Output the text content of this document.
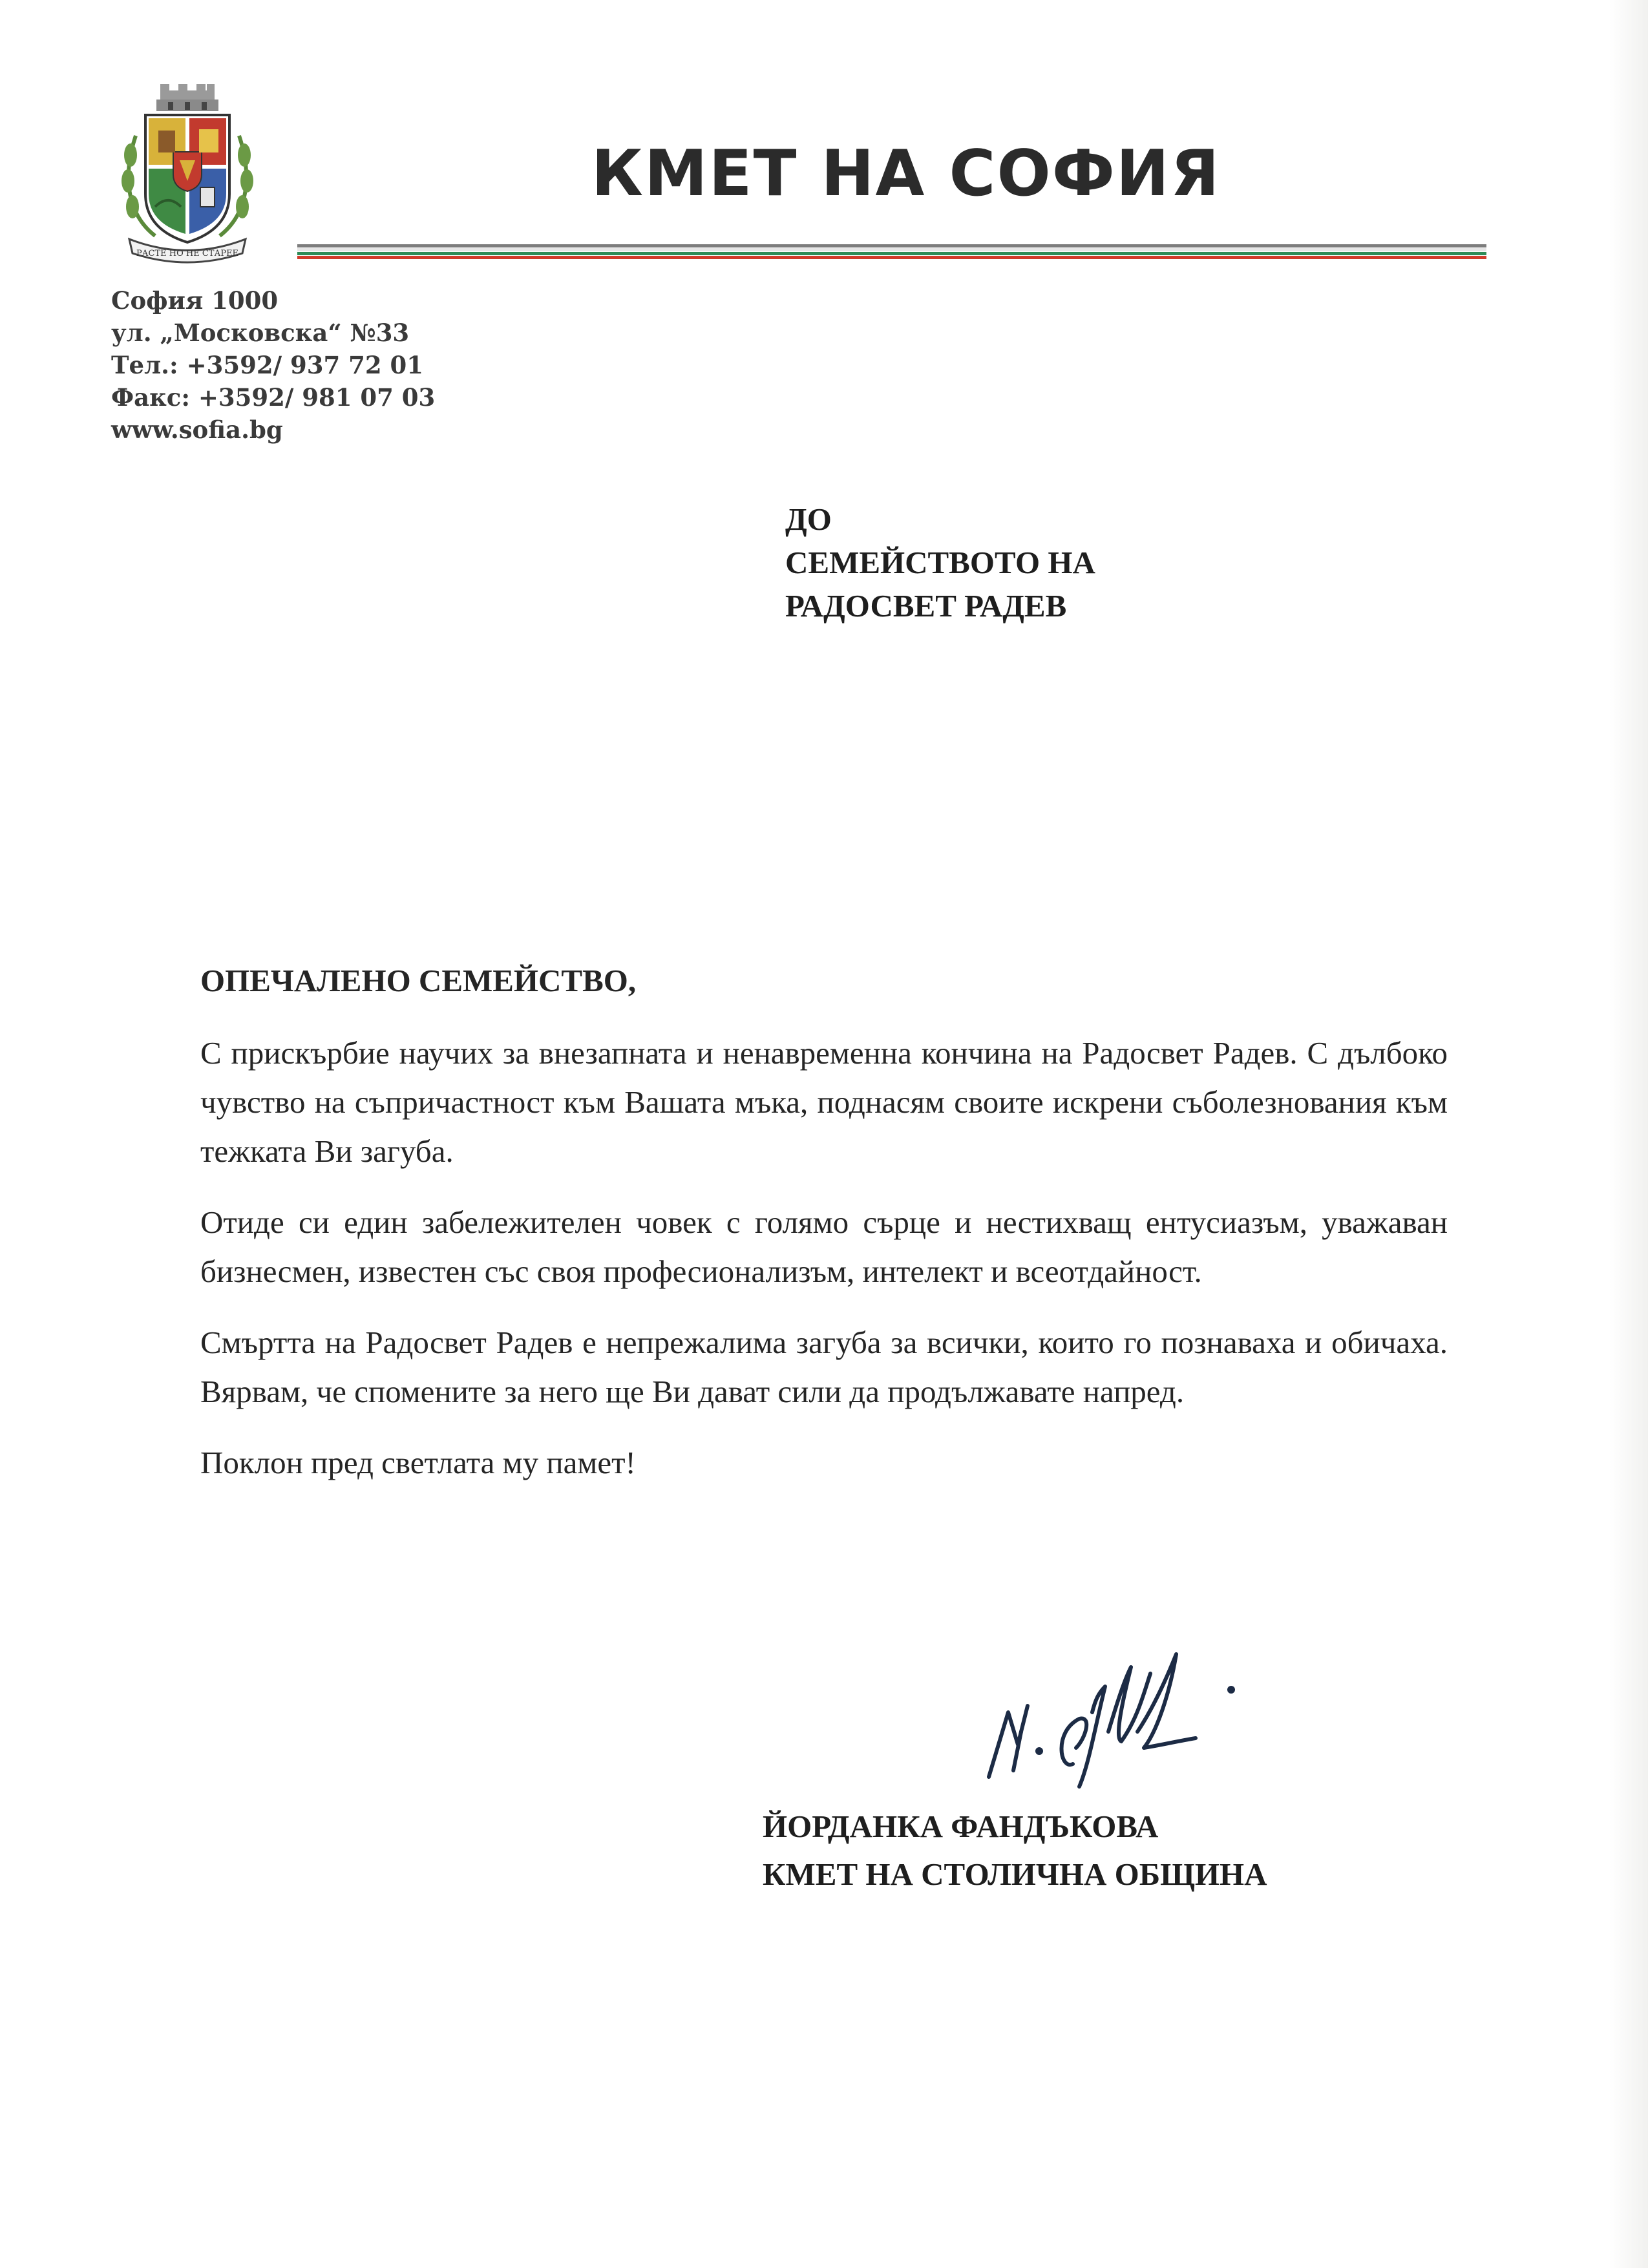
РАСТЕ НО НЕ СТАРЕЕ
КМЕТ НА СОФИЯ
София 1000
ул. „Московска“ №33
Тел.: +3592/ 937 72 01
Факс: +3592/ 981 07 03
www.sofia.bg
ДО
СЕМЕЙСТВОТО НА
РАДОСВЕТ РАДЕВ

ОПЕЧАЛЕНО СЕМЕЙСТВО,

С прискърбие научих за внезапната и ненавременна кончина на Радосвет Радев. С дълбоко чувство на съпричастност към Вашата мъка, поднасям своите искрени съболезнования към тежката Ви загуба.

Отиде си един забележителен човек с голямо сърце и нестихващ ентусиазъм, уважаван бизнесмен, известен със своя професионализъм, интелект и всеотдайност.

Смъртта на Радосвет Радев е непрежалима загуба за всички, които го познаваха и обичаха. Вярвам, че спомените за него ще Ви дават сили да продължавате напред.

Поклон пред светлата му памет!

ЙОРДАНКА ФАНДЪКОВА
КМЕТ НА СТОЛИЧНА ОБЩИНА
